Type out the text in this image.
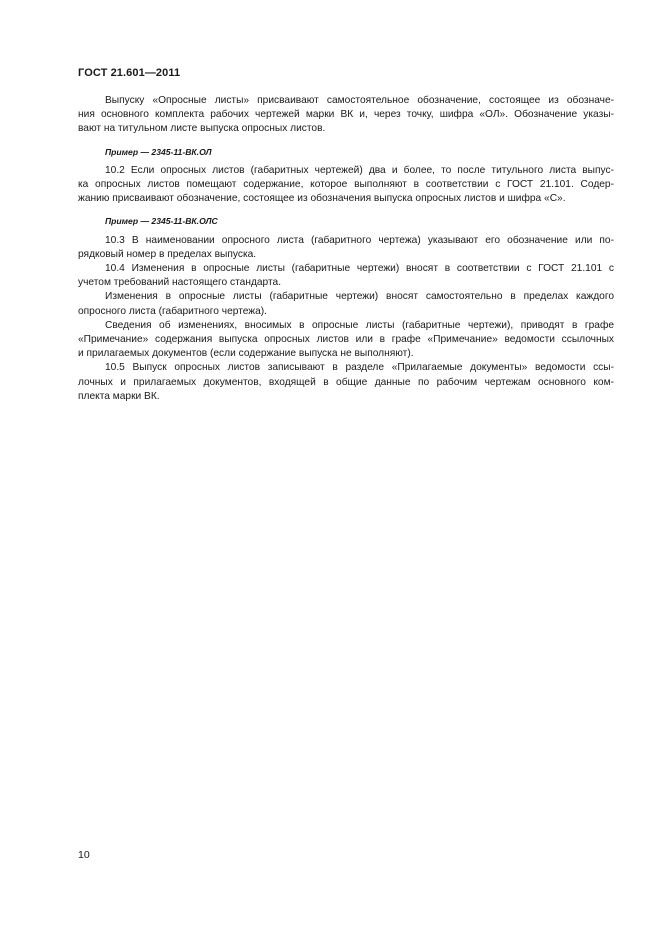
ГОСТ 21.601—2011
Выпуску «Опросные листы» присваивают самостоятельное обозначение, состоящее из обозначе-
ния основного комплекта рабочих чертежей марки ВК и, через точку, шифра «ОЛ». Обозначение указы-
вают на титульном листе выпуска опросных листов.
Пример — 2345-11-ВК.ОЛ
10.2 Если опросных листов (габаритных чертежей) два и более, то после титульного листа выпус-
ка опросных листов помещают содержание, которое выполняют в соответствии с ГОСТ 21.101. Содер-
жанию присваивают обозначение, состоящее из обозначения выпуска опросных листов и шифра «С».
Пример — 2345-11-ВК.ОЛС
10.3 В наименовании опросного листа (габаритного чертежа) указывают его обозначение или по-
рядковый номер в пределах выпуска.
10.4 Изменения в опросные листы (габаритные чертежи) вносят в соответствии с ГОСТ 21.101 с
учетом требований настоящего стандарта.
Изменения в опросные листы (габаритные чертежи) вносят самостоятельно в пределах каждого
опросного листа (габаритного чертежа).
Сведения об изменениях, вносимых в опросные листы (габаритные чертежи), приводят в графе
«Примечание» содержания выпуска опросных листов или в графе «Примечание» ведомости ссылочных
и прилагаемых документов (если содержание выпуска не выполняют).
10.5 Выпуск опросных листов записывают в разделе «Прилагаемые документы» ведомости ссы-
лочных и прилагаемых документов, входящей в общие данные по рабочим чертежам основного ком-
плекта марки ВК.
10
